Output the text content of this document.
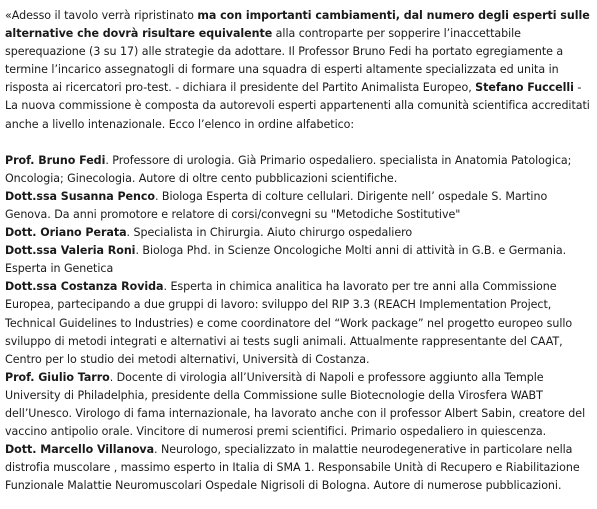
«Adesso il tavolo verrà ripristinato ma con importanti cambiamenti, dal numero degli esperti sulle alternative che dovrà risultare equivalente alla controparte per sopperire l’inaccettabile sperequazione (3 su 17) alle strategie da adottare. Il Professor Bruno Fedi ha portato egregiamente a termine l’incarico assegnatogli di formare una squadra di esperti altamente specializzata ed unita in risposta ai ricercatori pro-test. - dichiara il presidente del Partito Animalista Europeo, Stefano Fuccelli - La nuova commissione è composta da autorevoli esperti appartenenti alla comunità scientifica accreditati anche a livello intenazionale. Ecco l’elenco in ordine alfabetico:

Prof. Bruno Fedi. Professore di urologia. Già Primario ospedaliero. specialista in Anatomia Patologica; Oncologia; Ginecologia. Autore di oltre cento pubblicazioni scientifiche.

Dott.ssa Susanna Penco. Biologa Esperta di colture cellulari. Dirigente nell’ ospedale S. Martino Genova. Da anni promotore e relatore di corsi/convegni su "Metodiche Sostitutive"

Dott. Oriano Perata. Specialista in Chirurgia. Aiuto chirurgo ospedaliero

Dott.ssa Valeria Roni. Biologa Phd. in Scienze Oncologiche Molti anni di attività in G.B. e Germania. Esperta in Genetica

Dott.ssa Costanza Rovida. Esperta in chimica analitica ha lavorato per tre anni alla Commissione Europea, partecipando a due gruppi di lavoro: sviluppo del RIP 3.3 (REACH Implementation Project, Technical Guidelines to Industries) e come coordinatore del “Work package” nel progetto europeo sullo sviluppo di metodi integrati e alternativi ai tests sugli animali. Attualmente rappresentante del CAAT, Centro per lo studio dei metodi alternativi, Università di Costanza.

Prof. Giulio Tarro. Docente di virologia all’Università di Napoli e professore aggiunto alla Temple University di Philadelphia, presidente della Commissione sulle Biotecnologie della Virosfera WABT dell’Unesco. Virologo di fama internazionale, ha lavorato anche con il professor Albert Sabin, creatore del vaccino antipolio orale. Vincitore di numerosi premi scientifici. Primario ospedaliero in quiescenza.

Dott. Marcello Villanova. Neurologo, specializzato in malattie neurodegenerative in particolare nella distrofia muscolare , massimo esperto in Italia di SMA 1. Responsabile Unità di Recupero e Riabilitazione Funzionale Malattie Neuromuscolari Ospedale Nigrisoli di Bologna. Autore di numerose pubblicazioni.
